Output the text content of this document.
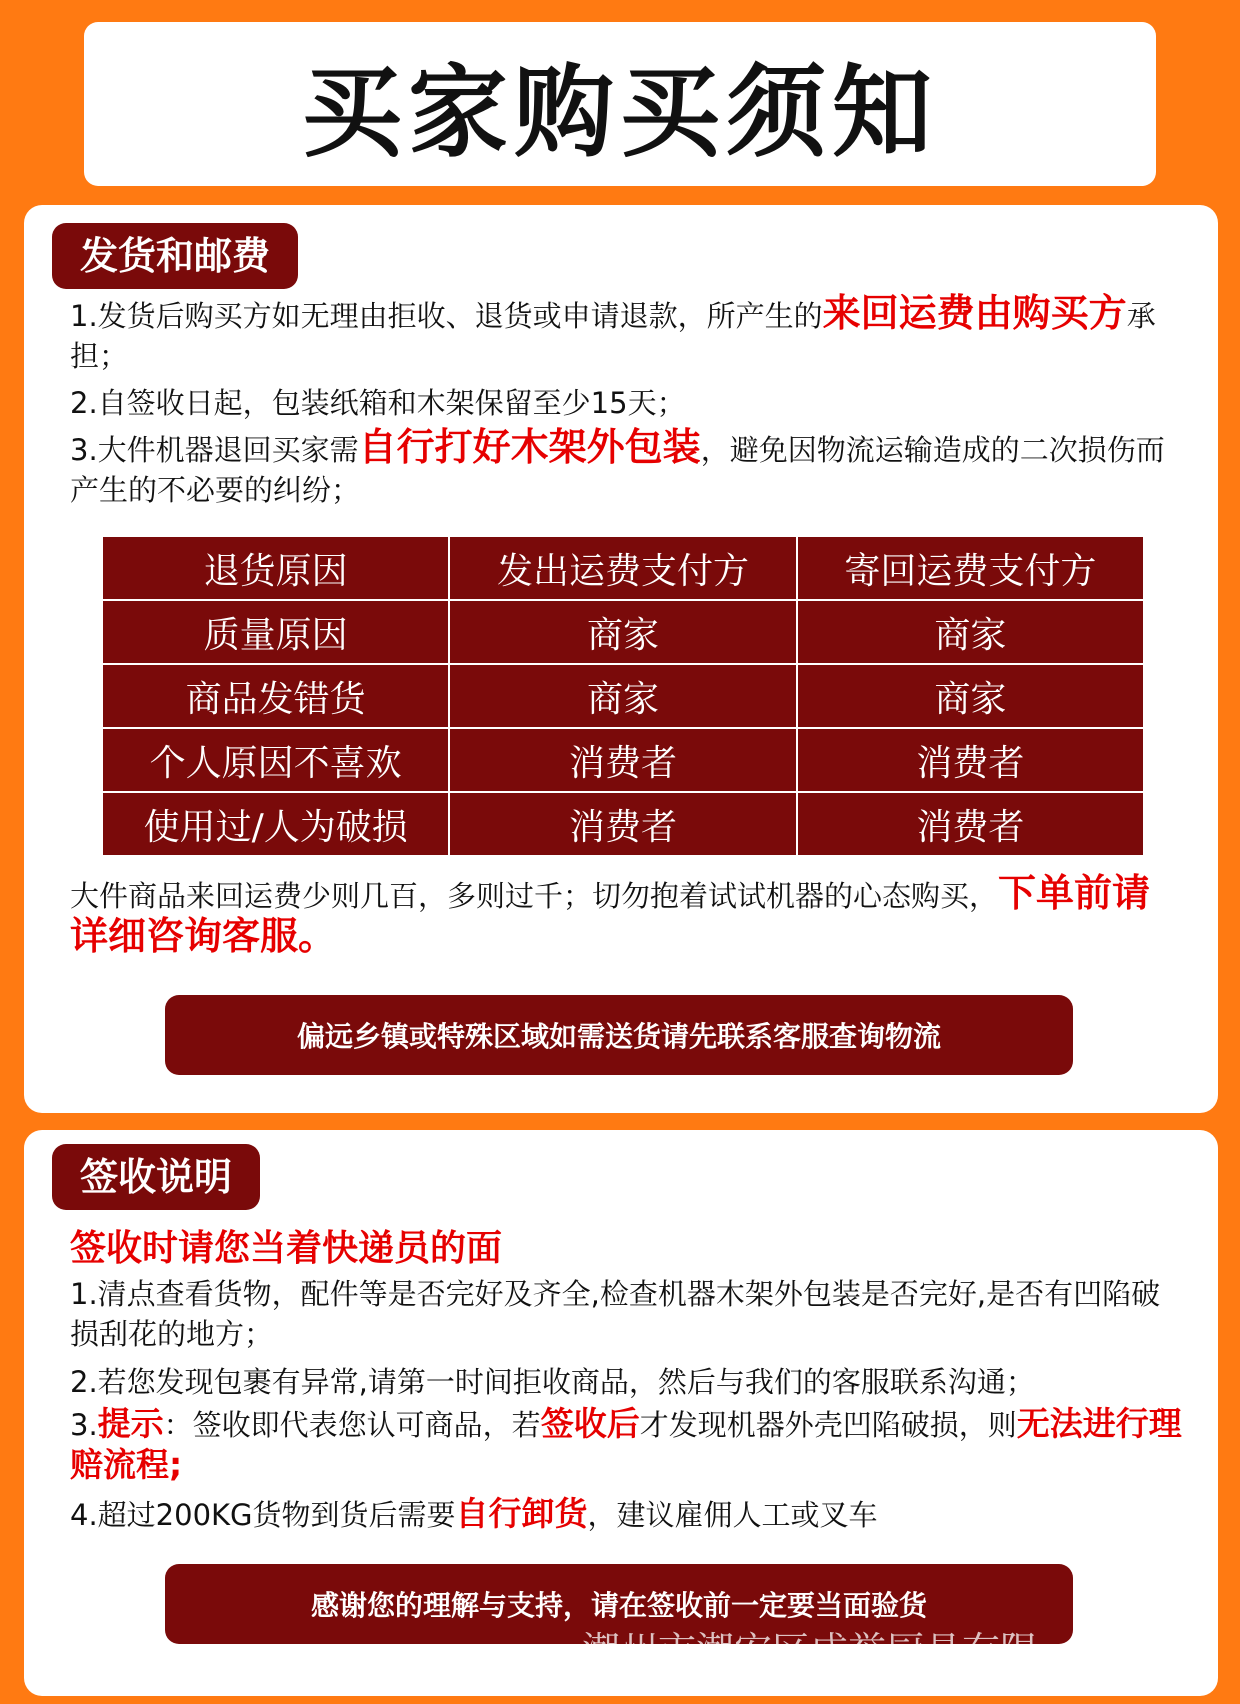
买家购买须知
发货和邮费

1.发货后购买方如无理由拒收、退货或申请退款，所产生的来回运费由购买方承担；

2.自签收日起，包装纸箱和木架保留至少15天；

3.大件机器退回买家需自行打好木架外包装，避免因物流运输造成的二次损伤而产生的不必要的纠纷；

退货原因	发出运费支付方	寄回运费支付方
质量原因	商家	商家
商品发错货	商家	商家
个人原因不喜欢	消费者	消费者
使用过/人为破损	消费者	消费者

大件商品来回运费少则几百，多则过千；切勿抱着试试机器的心态购买，下单前请详细咨询客服。

偏远乡镇或特殊区域如需送货请先联系客服查询物流
签收说明

签收时请您当着快递员的面

1.清点查看货物，配件等是否完好及齐全,检查机器木架外包装是否完好,是否有凹陷破损刮花的地方；

2.若您发现包裹有异常,请第一时间拒收商品，然后与我们的客服联系沟通；

3.提示：签收即代表您认可商品，若签收后才发现机器外壳凹陷破损，则无法进行理赔流程;

4.超过200KG货物到货后需要自行卸货，建议雇佣人工或叉车

感谢您的理解与支持，请在签收前一定要当面验货
潮州市潮安区成誉厨具有限
